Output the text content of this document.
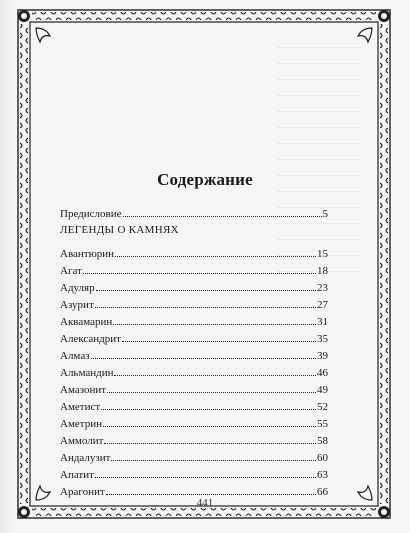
Содержание
Предисловие	5
ЛЕГЕНДЫ О КАМНЯХ
Авантюрин	15
Агат	18
Адуляр	23
Азурит	27
Аквамарин	31
Александрит	35
Алмаз	39
Альмандин	46
Амазонит	49
Аметист	52
Аметрин	55
Аммолит	58
Андалузит	60
Апатит	63
Арагонит	66
441
